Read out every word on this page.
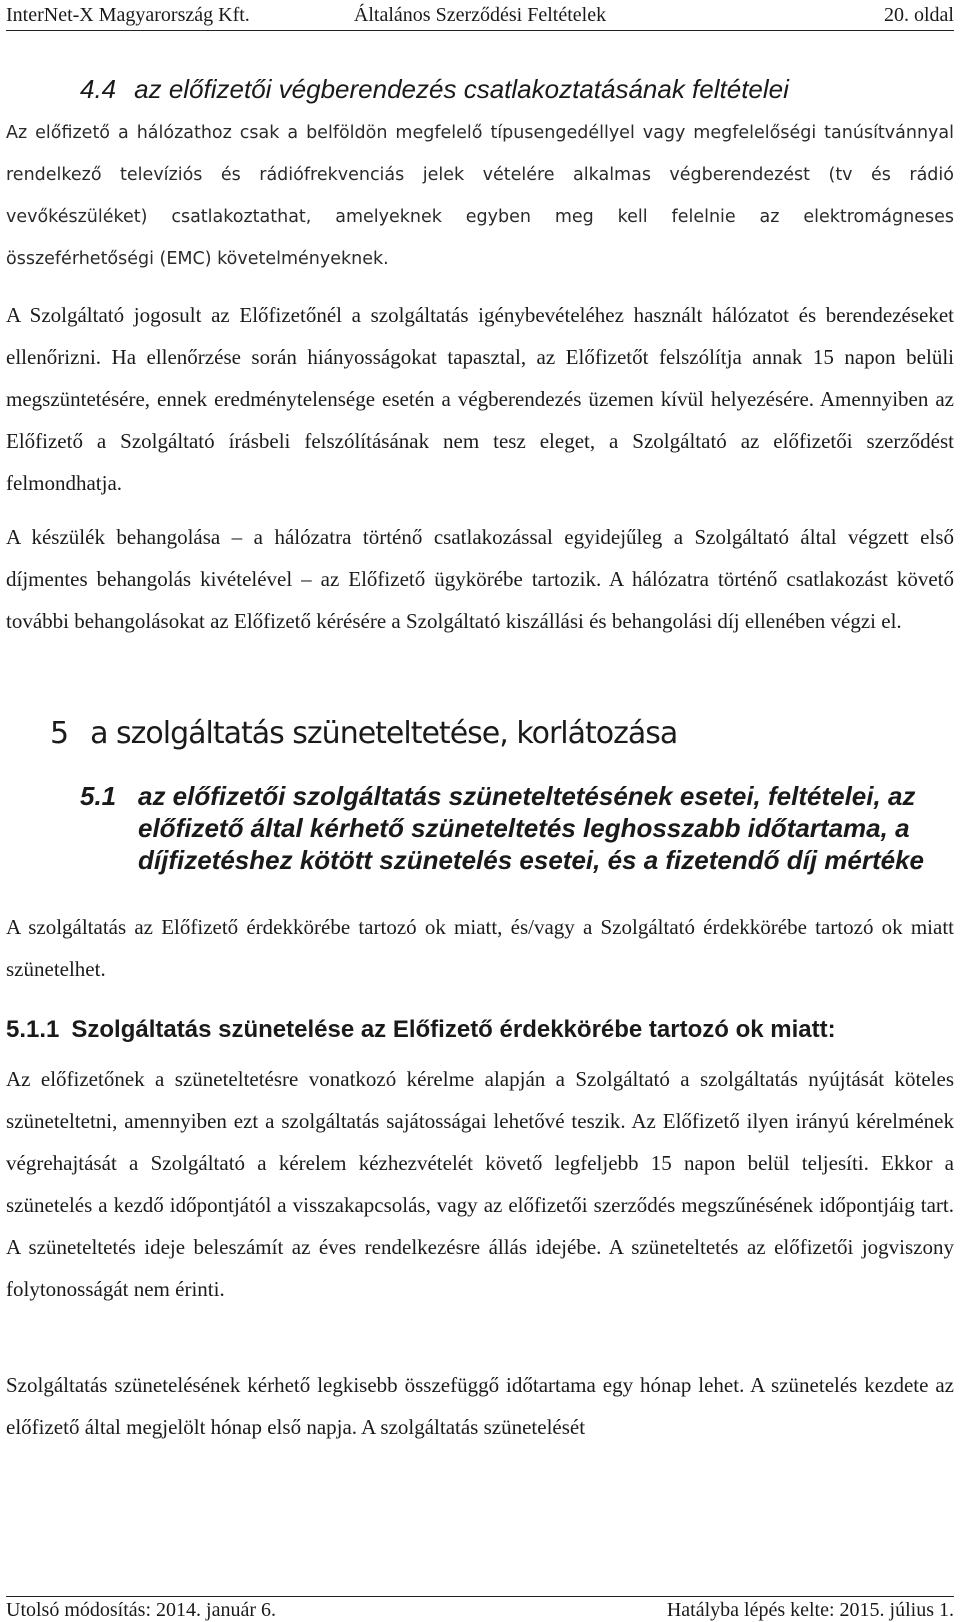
InterNet-X Magyarország Kft.	Általános Szerződési Feltételek	20. oldal
4.4 az előfizetői végberendezés csatlakoztatásának feltételei

Az előfizető a hálózathoz csak a belföldön megfelelő típusengedéllyel vagy megfelelőségi tanúsítvánnyal rendelkező televíziós és rádiófrekvenciás jelek vételére alkalmas végberendezést (tv és rádió vevőkészüléket) csatlakoztathat, amelyeknek egyben meg kell felelnie az elektromágneses összeférhetőségi (EMC) követelményeknek.

A Szolgáltató jogosult az Előfizetőnél a szolgáltatás igénybevételéhez használt hálózatot és berendezéseket ellenőrizni. Ha ellenőrzése során hiányosságokat tapasztal, az Előfizetőt felszólítja annak 15 napon belüli megszüntetésére, ennek eredménytelensége esetén a végberendezés üzemen kívül helyezésére. Amennyiben az Előfizető a Szolgáltató írásbeli felszólításának nem tesz eleget, a Szolgáltató az előfizetői szerződést felmondhatja.

A készülék behangolása – a hálózatra történő csatlakozással egyidejűleg a Szolgáltató által végzett első díjmentes behangolás kivételével – az Előfizető ügykörébe tartozik. A hálózatra történő csatlakozást követő további behangolásokat az Előfizető kérésére a Szolgáltató kiszállási és behangolási díj ellenében végzi el.

5 a szolgáltatás szüneteltetése, korlátozása
5.1 az előfizetői szolgáltatás szüneteltetésének esetei, feltételei, az előfizető által kérhető szüneteltetés leghosszabb időtartama, a díjfizetéshez kötött szünetelés esetei, és a fizetendő díj mértéke

A szolgáltatás az Előfizető érdekkörébe tartozó ok miatt, és/vagy a Szolgáltató érdekkörébe tartozó ok miatt szünetelhet.

5.1.1 Szolgáltatás szünetelése az Előfizető érdekkörébe tartozó ok miatt:

Az előfizetőnek a szüneteltetésre vonatkozó kérelme alapján a Szolgáltató a szolgáltatás nyújtását köteles szüneteltetni, amennyiben ezt a szolgáltatás sajátosságai lehetővé teszik. Az Előfizető ilyen irányú kérelmének végrehajtását a Szolgáltató a kérelem kézhezvételét követő legfeljebb 15 napon belül teljesíti. Ekkor a szünetelés a kezdő időpontjától a visszakapcsolás, vagy az előfizetői szerződés megszűnésének időpontjáig tart. A szüneteltetés ideje beleszámít az éves rendelkezésre állás idejébe. A szüneteltetés az előfizetői jogviszony folytonosságát nem érinti.

Szolgáltatás szünetelésének kérhető legkisebb összefüggő időtartama egy hónap lehet. A szünetelés kezdete az előfizető által megjelölt hónap első napja. A szolgáltatás szünetelését

Utolsó módosítás: 2014. január 6.	Hatályba lépés kelte: 2015. július 1.
